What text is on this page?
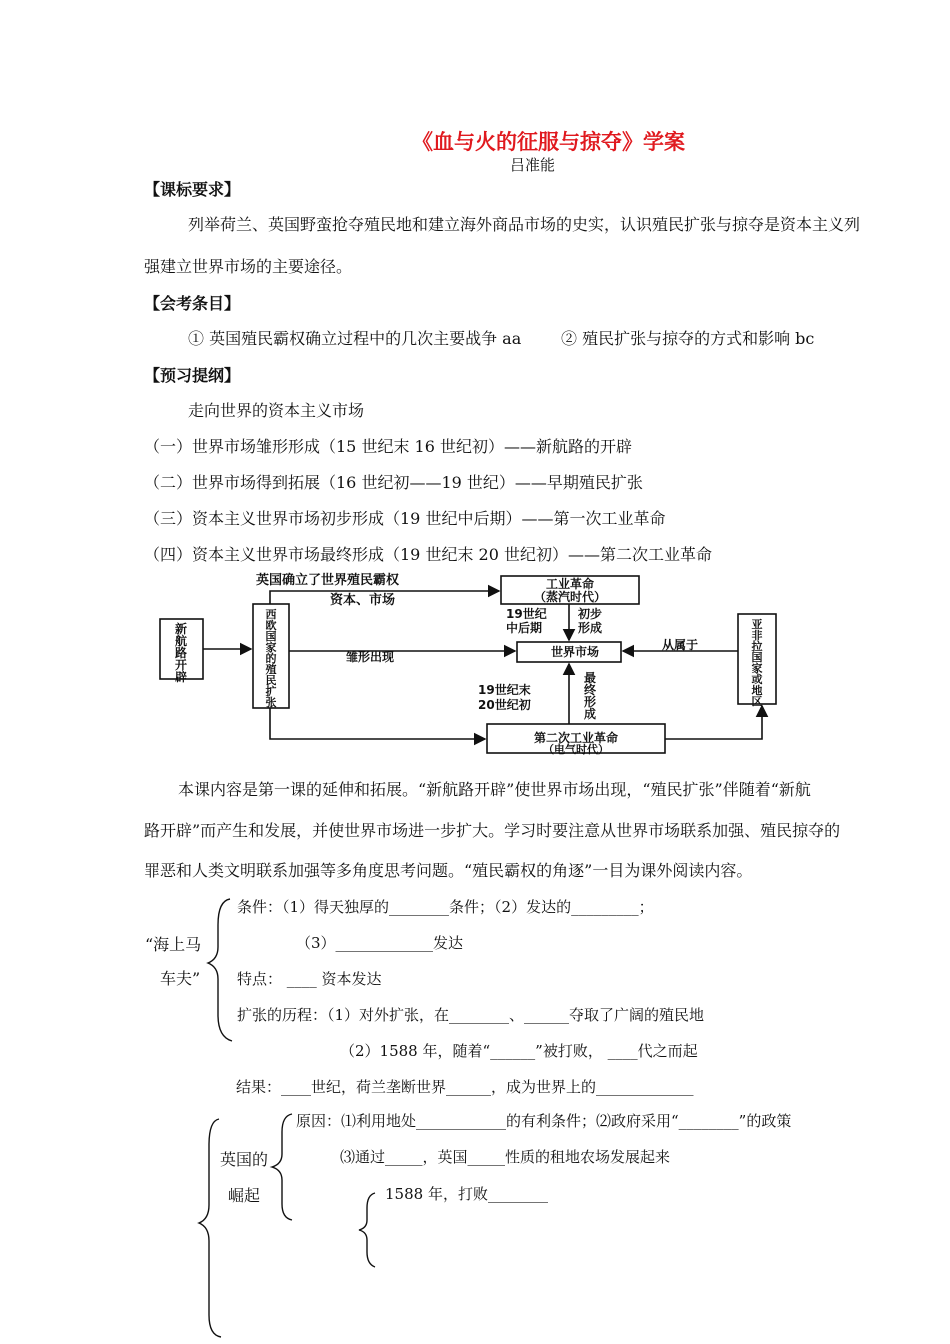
《血与火的征服与掠夺》学案
吕准能
【课标要求】
列举荷兰、英国野蛮抢夺殖民地和建立海外商品市场的史实，认识殖民扩张与掠夺是资本主义列
强建立世界市场的主要途径。
【会考条目】
① 英国殖民霸权确立过程中的几次主要战争 aa ② 殖民扩张与掠夺的方式和影响 bc
【预习提纲】
走向世界的资本主义市场
（一）世界市场雏形形成（15 世纪末 16 世纪初）——新航路的开辟
（二）世界市场得到拓展（16 世纪初——19 世纪）——早期殖民扩张
（三）资本主义世界市场初步形成（19 世纪中后期）——第一次工业革命
（四）资本主义世界市场最终形成（19 世纪末 20 世纪初）——第二次工业革命
英国确立了世界殖民霸权
资本、市场
工业革命
（蒸汽时代）
世界市场
第二次工业革命
（电气时代）
19世纪
中后期
初步
形成
雏形出现
从属于
19世纪末
20世纪初
新
航
路
开
辟
西
欧
国
家
的
殖
民
扩
张
亚
非
拉
国
家
或
地
区
最
终
形
成
本课内容是第一课的延伸和拓展。“新航路开辟”使世界市场出现，“殖民扩张”伴随着“新航
路开辟”而产生和发展，并使世界市场进一步扩大。学习时要注意从世界市场联系加强、殖民掠夺的
罪恶和人类文明联系加强等多角度思考问题。“殖民霸权的角逐”一目为课外阅读内容。
“海上马
车夫”
条件：（1）得天独厚的________条件；（2）发达的_________；
（3）_____________发达
特点： ____ 资本发达
扩张的历程：（1）对外扩张，在________、______夺取了广阔的殖民地
（2）1588 年，随着“______”被打败， ____代之而起
结果：____世纪，荷兰垄断世界______，成为世界上的_____________
英国的
崛起
原因：⑴利用地处____________的有利条件；⑵政府采用“________”的政策
⑶通过_____，英国_____性质的租地农场发展起来
1588 年，打败________
